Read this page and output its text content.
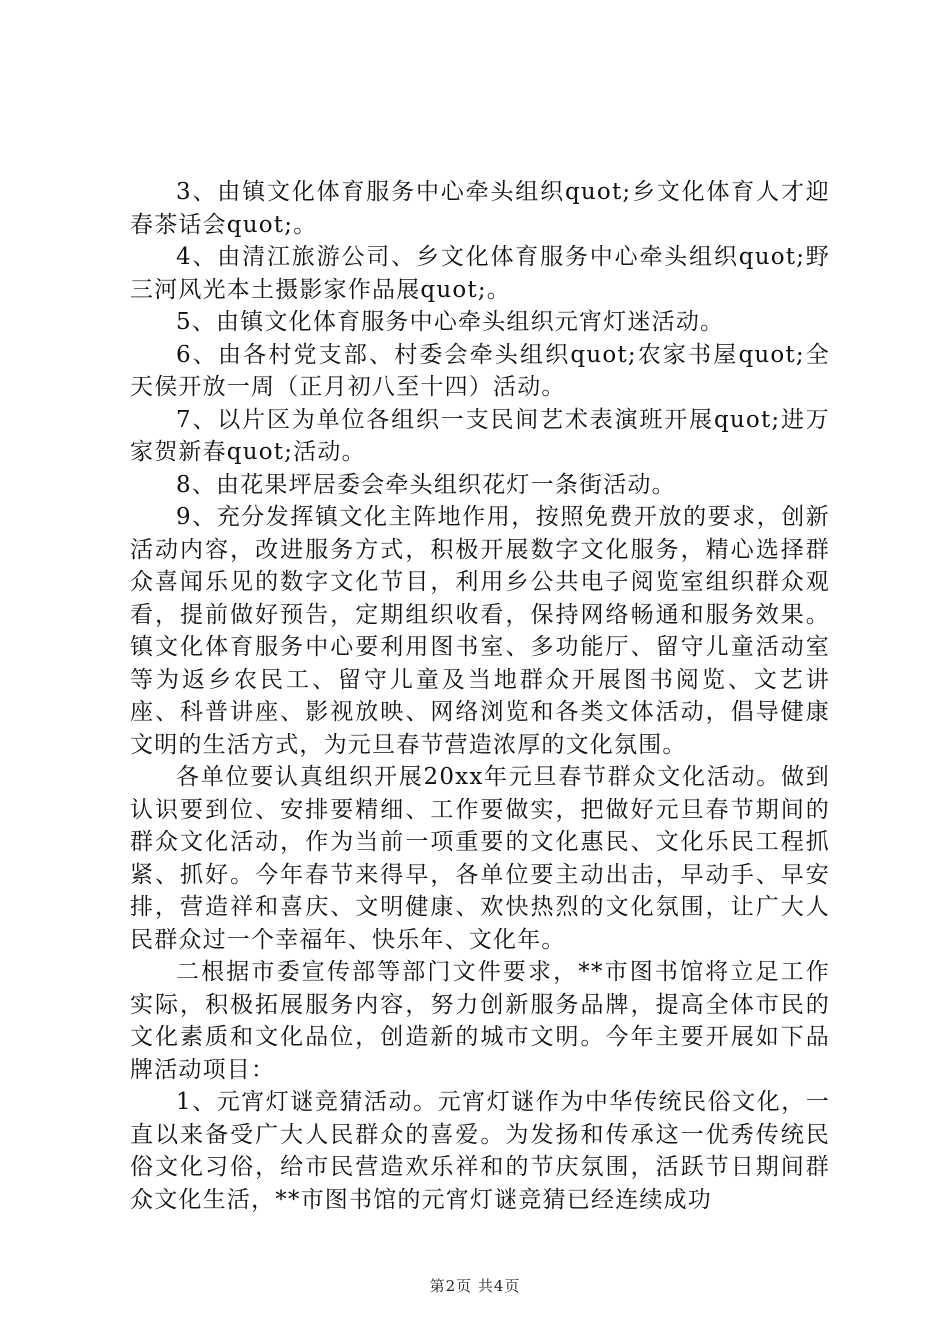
3、由镇文化体育服务中心牵头组织quot;乡文化体育人才迎春茶话会quot;。

4、由清江旅游公司、乡文化体育服务中心牵头组织quot;野三河风光本土摄影家作品展quot;。

5、由镇文化体育服务中心牵头组织元宵灯迷活动。

6、由各村党支部、村委会牵头组织quot;农家书屋quot;全天侯开放一周（正月初八至十四）活动。

7、以片区为单位各组织一支民间艺术表演班开展quot;进万家贺新春quot;活动。

8、由花果坪居委会牵头组织花灯一条街活动。

9、充分发挥镇文化主阵地作用，按照免费开放的要求，创新活动内容，改进服务方式，积极开展数字文化服务，精心选择群众喜闻乐见的数字文化节目，利用乡公共电子阅览室组织群众观看，提前做好预告，定期组织收看，保持网络畅通和服务效果。镇文化体育服务中心要利用图书室、多功能厅、留守儿童活动室等为返乡农民工、留守儿童及当地群众开展图书阅览、文艺讲座、科普讲座、影视放映、网络浏览和各类文体活动，倡导健康文明的生活方式，为元旦春节营造浓厚的文化氛围。

各单位要认真组织开展20xx年元旦春节群众文化活动。做到认识要到位、安排要精细、工作要做实，把做好元旦春节期间的群众文化活动，作为当前一项重要的文化惠民、文化乐民工程抓紧、抓好。今年春节来得早，各单位要主动出击，早动手、早安排，营造祥和喜庆、文明健康、欢快热烈的文化氛围，让广大人民群众过一个幸福年、快乐年、文化年。

二根据市委宣传部等部门文件要求，**市图书馆将立足工作实际，积极拓展服务内容，努力创新服务品牌，提高全体市民的文化素质和文化品位，创造新的城市文明。今年主要开展如下品牌活动项目：

1、元宵灯谜竞猜活动。元宵灯谜作为中华传统民俗文化，一直以来备受广大人民群众的喜爱。为发扬和传承这一优秀传统民俗文化习俗，给市民营造欢乐祥和的节庆氛围，活跃节日期间群众文化生活，**市图书馆的元宵灯谜竞猜已经连续成功

第2页 共4页
